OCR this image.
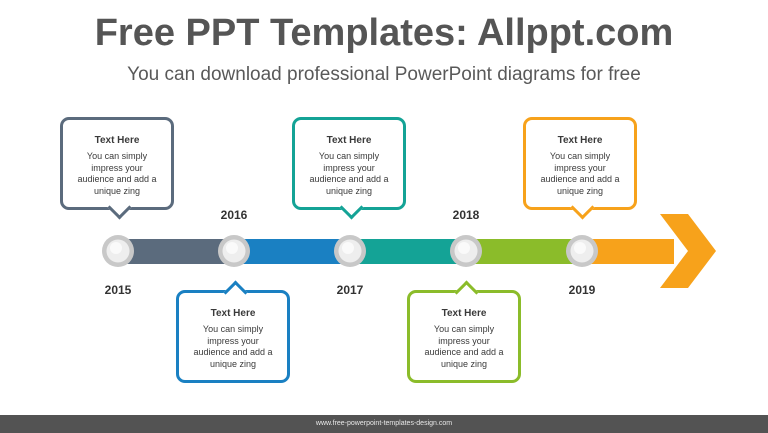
Free PPT Templates: Allppt.com
You can download professional PowerPoint diagrams for free
2015
2016
2017
2018
2019
Text Here
You can simply impress your audience and add a unique zing
Text Here
You can simply impress your audience and add a unique zing
Text Here
You can simply impress your audience and add a unique zing
Text Here
You can simply impress your audience and add a unique zing
Text Here
You can simply impress your audience and add a unique zing
www.free-powerpoint-templates-design.com
